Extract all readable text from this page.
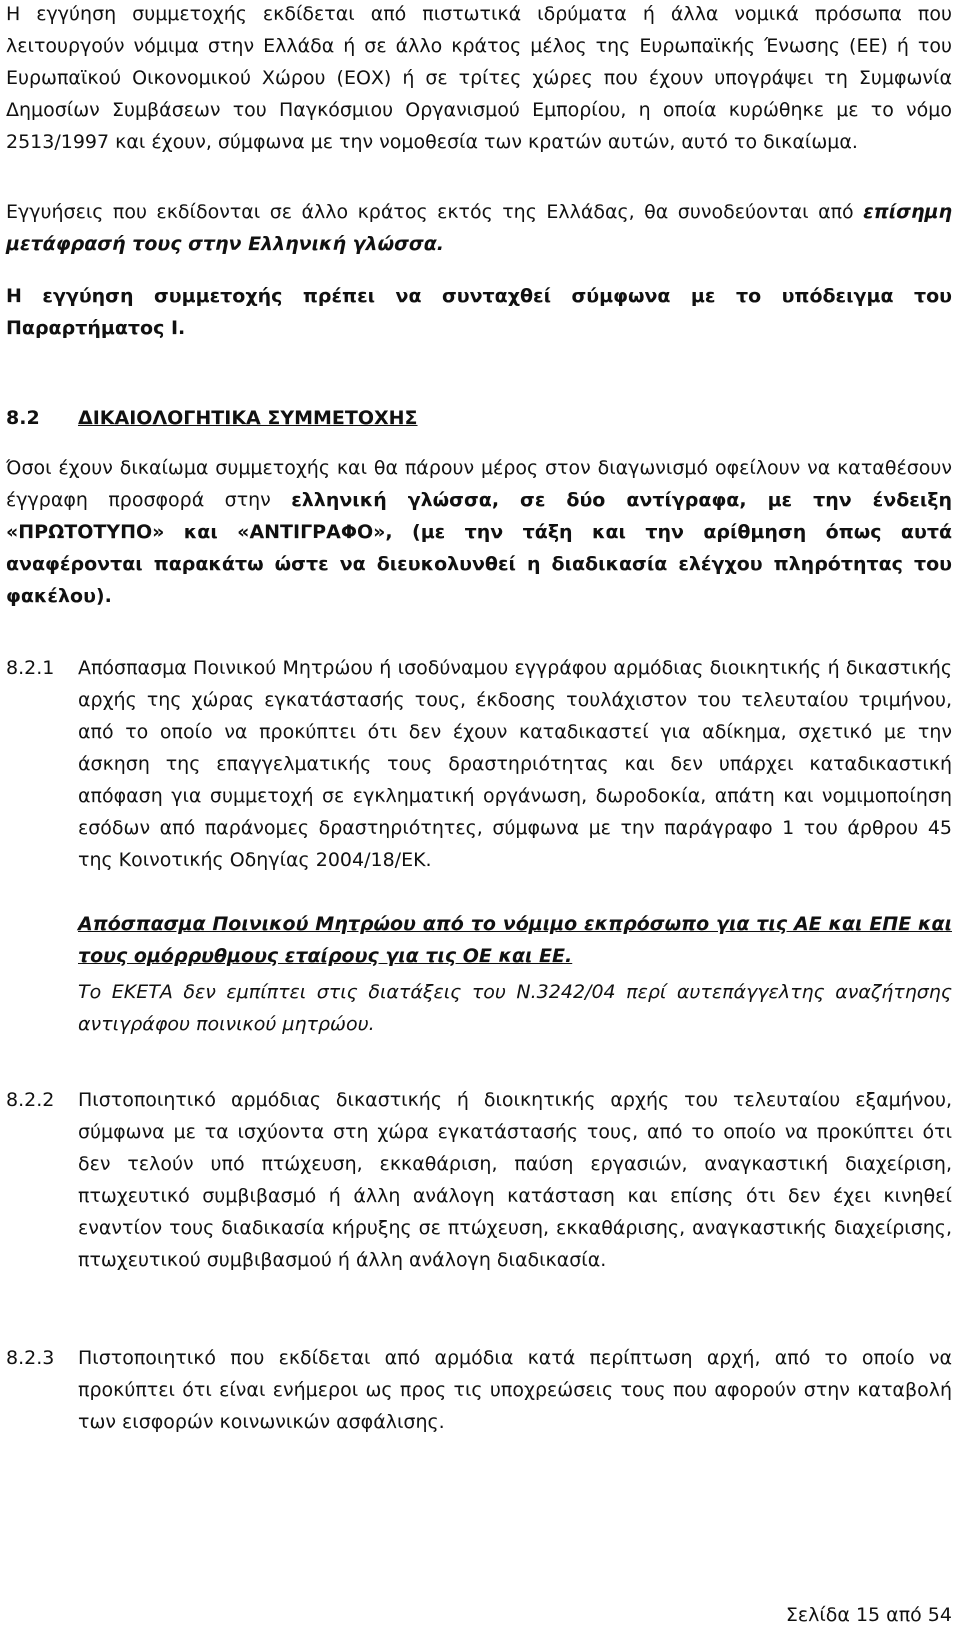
Η εγγύηση συμμετοχής εκδίδεται από πιστωτικά ιδρύματα ή άλλα νομικά πρόσωπα που λειτουργούν νόμιμα στην Ελλάδα ή σε άλλο κράτος μέλος της Ευρωπαϊκής Ένωσης (ΕΕ) ή του Ευρωπαϊκού Οικονομικού Χώρου (ΕΟΧ) ή σε τρίτες χώρες που έχουν υπογράψει τη Συμφωνία Δημοσίων Συμβάσεων του Παγκόσμιου Οργανισμού Εμπορίου, η οποία κυρώθηκε με το νόμο 2513/1997 και έχουν, σύμφωνα με την νομοθεσία των κρατών αυτών, αυτό το δικαίωμα.

Εγγυήσεις που εκδίδονται σε άλλο κράτος εκτός της Ελλάδας, θα συνοδεύονται από επίσημη μετάφρασή τους στην Ελληνική γλώσσα.

Η εγγύηση συμμετοχής πρέπει να συνταχθεί σύμφωνα με το υπόδειγμα του Παραρτήματος Ι.

8.2	ΔΙΚΑΙΟΛΟΓΗΤΙΚΑ ΣΥΜΜΕΤΟΧΗΣ

Όσοι έχουν δικαίωμα συμμετοχής και θα πάρουν μέρος στον διαγωνισμό οφείλουν να καταθέσουν έγγραφη προσφορά στην ελληνική γλώσσα, σε δύο αντίγραφα, με την ένδειξη «ΠΡΩΤΟΤΥΠΟ» και «ΑΝΤΙΓΡΑΦΟ», (με την τάξη και την αρίθμηση όπως αυτά αναφέρονται παρακάτω ώστε να διευκολυνθεί η διαδικασία ελέγχου πληρότητας του φακέλου).

8.2.1	Απόσπασμα Ποινικού Μητρώου ή ισοδύναμου εγγράφου αρμόδιας διοικητικής ή δικαστικής αρχής της χώρας εγκατάστασής τους, έκδοσης τουλάχιστον του τελευταίου τριμήνου, από το οποίο να προκύπτει ότι δεν έχουν καταδικαστεί για αδίκημα, σχετικό με την άσκηση της επαγγελματικής τους δραστηριότητας και δεν υπάρχει καταδικαστική απόφαση για συμμετοχή σε εγκληματική οργάνωση, δωροδοκία, απάτη και νομιμοποίηση εσόδων από παράνομες δραστηριότητες, σύμφωνα με την παράγραφο 1 του άρθρου 45 της Κοινοτικής Οδηγίας 2004/18/ΕΚ.

Απόσπασμα Ποινικού Μητρώου από το νόμιμο εκπρόσωπο για τις ΑΕ και ΕΠΕ και τους ομόρρυθμους εταίρους για τις ΟΕ και ΕΕ.

Το ΕΚΕΤΑ δεν εμπίπτει στις διατάξεις του Ν.3242/04 περί αυτεπάγγελτης αναζήτησης αντιγράφου ποινικού μητρώου.

8.2.2	Πιστοποιητικό αρμόδιας δικαστικής ή διοικητικής αρχής του τελευταίου εξαμήνου, σύμφωνα με τα ισχύοντα στη χώρα εγκατάστασής τους, από το οποίο να προκύπτει ότι δεν τελούν υπό πτώχευση, εκκαθάριση, παύση εργασιών, αναγκαστική διαχείριση, πτωχευτικό συμβιβασμό ή άλλη ανάλογη κατάσταση και επίσης ότι δεν έχει κινηθεί εναντίον τους διαδικασία κήρυξης σε πτώχευση, εκκαθάρισης, αναγκαστικής διαχείρισης, πτωχευτικού συμβιβασμού ή άλλη ανάλογη διαδικασία.
8.2.3	Πιστοποιητικό που εκδίδεται από αρμόδια κατά περίπτωση αρχή, από το οποίο να προκύπτει ότι είναι ενήμεροι ως προς τις υποχρεώσεις τους που αφορούν στην καταβολή των εισφορών κοινωνικών ασφάλισης.
Σελίδα 15 από 54
